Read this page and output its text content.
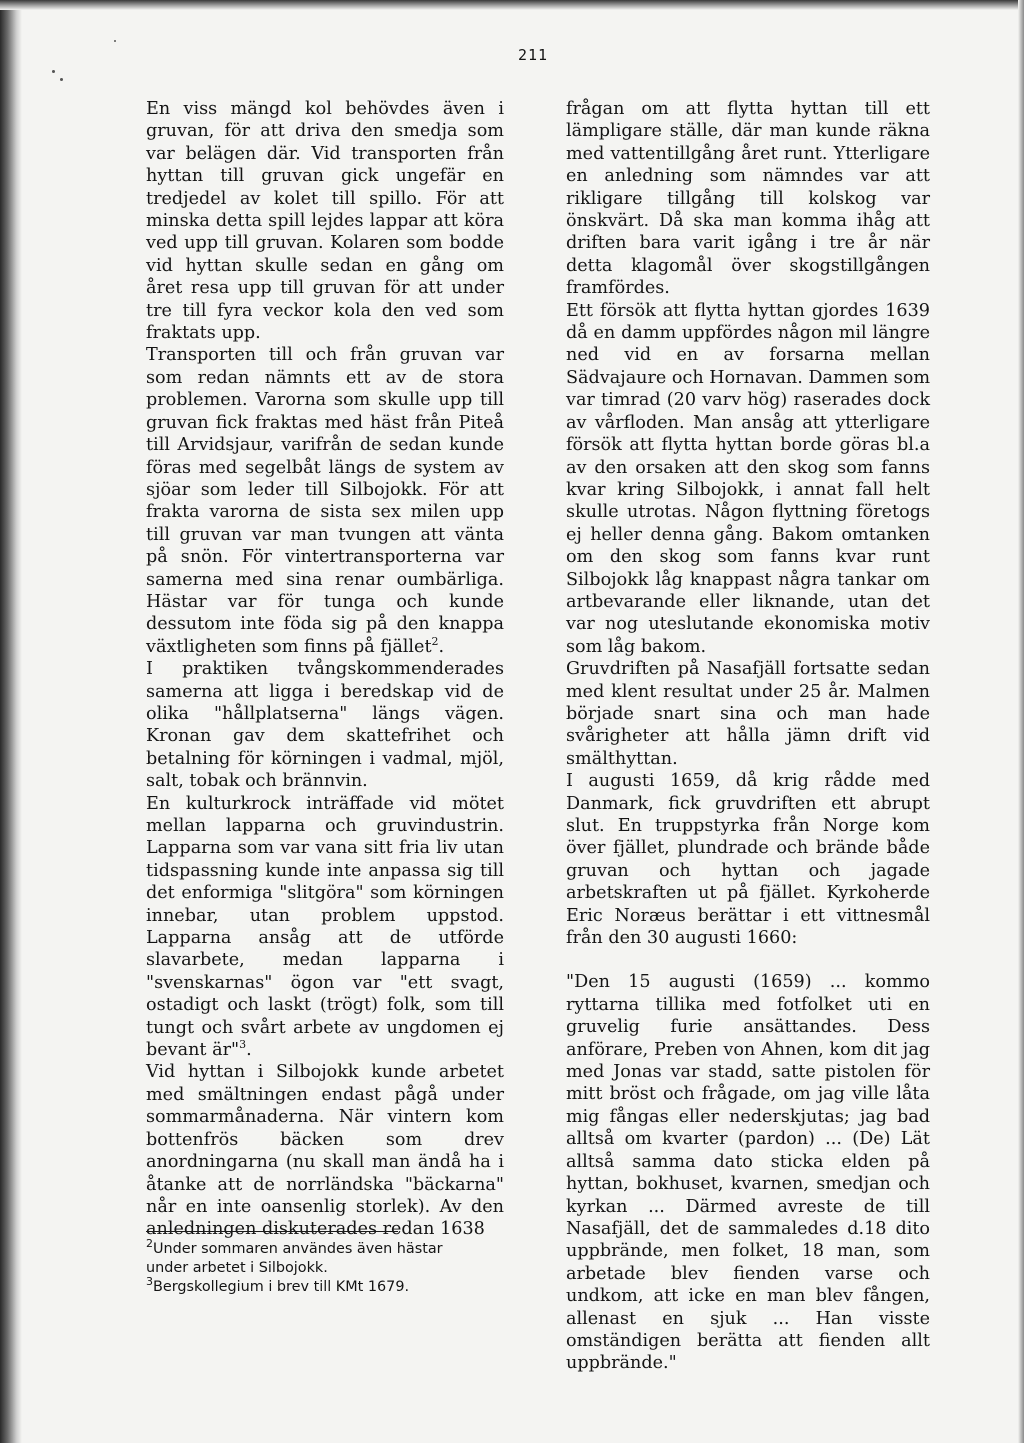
211

En viss mängd kol behövdes även i gruvan, för att driva den smedja som var belägen där. Vid transporten från hyttan till gruvan gick ungefär en tredjedel av kolet till spillo. För att minska detta spill lejdes lappar att köra ved upp till gruvan. Kolaren som bodde vid hyttan skulle sedan en gång om året resa upp till gruvan för att under tre till fyra veckor kola den ved som fraktats upp.

Transporten till och från gruvan var som redan nämnts ett av de stora problemen. Varorna som skulle upp till gruvan fick fraktas med häst från Piteå till Arvidsjaur, varifrån de sedan kunde föras med segelbåt längs de system av sjöar som leder till Silbojokk. För att frakta varorna de sista sex milen upp till gruvan var man tvungen att vänta på snön. För vintertransporterna var samerna med sina renar oumbärliga. Hästar var för tunga och kunde dessutom inte föda sig på den knappa växtligheten som finns på fjället$^2$.

I praktiken tvångskommenderades samerna att ligga i beredskap vid de olika "hållplatserna" längs vägen. Kronan gav dem skattefrihet och betalning för körningen i vadmal, mjöl, salt, tobak och brännvin.

En kulturkrock inträffade vid mötet mellan lapparna och gruvindustrin. Lapparna som var vana sitt fria liv utan tidspassning kunde inte anpassa sig till det enformiga "slitgöra" som körningen innebar, utan problem uppstod. Lapparna ansåg att de utförde slavarbete, medan lapparna i "svenskarnas" ögon var "ett svagt, ostadigt och laskt (trögt) folk, som till tungt och svårt arbete av ungdomen ej bevant är"$^3$.

Vid hyttan i Silbojokk kunde arbetet med smältningen endast pågå under sommarmånaderna. När vintern kom bottenfrös bäcken som drev anordningarna (nu skall man ändå ha i åtanke att de norrländska "bäckarna" når en inte oansenlig storlek). Av den anledningen diskuterades redan 1638

frågan om att flytta hyttan till ett lämpligare ställe, där man kunde räkna med vattentillgång året runt. Ytterligare en anledning som nämndes var att rikligare tillgång till kolskog var önskvärt. Då ska man komma ihåg att driften bara varit igång i tre år när detta klagomål över skogstillgången framfördes.

Ett försök att flytta hyttan gjordes 1639 då en damm uppfördes någon mil längre ned vid en av forsarna mellan Sädvajaure och Hornavan. Dammen som var timrad (20 varv hög) raserades dock av vårfloden. Man ansåg att ytterligare försök att flytta hyttan borde göras bl.a av den orsaken att den skog som fanns kvar kring Silbojokk, i annat fall helt skulle utrotas. Någon flyttning företogs ej heller denna gång. Bakom omtanken om den skog som fanns kvar runt Silbojokk låg knappast några tankar om artbevarande eller liknande, utan det var nog uteslutande ekonomiska motiv som låg bakom.

Gruvdriften på Nasafjäll fortsatte sedan med klent resultat under 25 år. Malmen började snart sina och man hade svårigheter att hålla jämn drift vid smälthyttan.

I augusti 1659, då krig rådde med Danmark, fick gruvdriften ett abrupt slut. En truppstyrka från Norge kom över fjället, plundrade och brände både gruvan och hyttan och jagade arbetskraften ut på fjället. Kyrkoherde Eric Noræus berättar i ett vittnesmål från den 30 augusti 1660:

"Den 15 augusti (1659) ... kommo ryttarna tillika med fotfolket uti en gruvelig furie ansättandes. Dess anförare, Preben von Ahnen, kom dit jag med Jonas var stadd, satte pistolen för mitt bröst och frågade, om jag ville låta mig fångas eller nederskjutas; jag bad alltså om kvarter (pardon) ... (De) Lät alltså samma dato sticka elden på hyttan, bokhuset, kvarnen, smedjan och kyrkan ... Därmed avreste de till Nasafjäll, det de sammaledes d.18 dito uppbrände, men folket, 18 man, som arbetade blev fienden varse och undkom, att icke en man blev fången, allenast en sjuk ... Han visste omständigen berätta att fienden allt uppbrände."

$^2$Under sommaren användes även hästar under arbetet i Silbojokk.

$^3$Bergskollegium i brev till KMt 1679.
